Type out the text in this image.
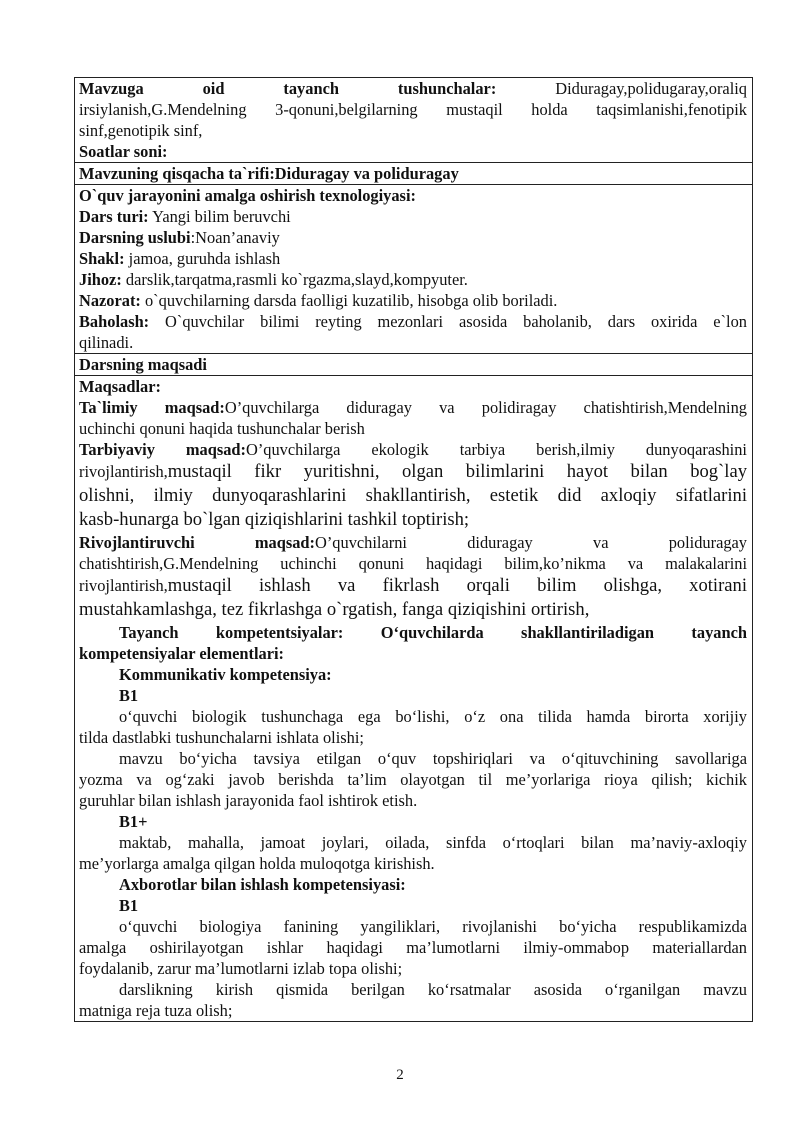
Mavzuga oid tayanch tushunchalar: Diduragay,polidugaray,oraliq

irsiylanish,G.Mendelning 3-qonuni,belgilarning mustaqil holda taqsimlanishi,fenotipik

sinf,genotipik sinf,

Soatlar soni:

Mavzuning qisqacha ta`rifi:Diduragay va poliduragay

O`quv jarayonini amalga oshirish texnologiyasi:

Dars turi: Yangi bilim beruvchi

Darsning uslubi:Noan’anaviy

Shakl: jamoa, guruhda ishlash

Jihoz: darslik,tarqatma,rasmli ko`rgazma,slayd,kompyuter.

Nazorat: o`quvchilarning darsda faolligi kuzatilib, hisobga olib boriladi.

Baholash: O`quvchilar bilimi reyting mezonlari asosida baholanib, dars oxirida e`lon

qilinadi.

Darsning maqsadi

Maqsadlar:

Ta`limiy maqsad:O’quvchilarga diduragay va polidiragay chatishtirish,Mendelning

uchinchi qonuni haqida tushunchalar berish

Tarbiyaviy maqsad:O’quvchilarga ekologik tarbiya berish,ilmiy dunyoqarashini

rivojlantirish,mustaqil fikr yuritishni, olgan bilimlarini hayot bilan bog`lay

olishni, ilmiy dunyoqarashlarini shakllantirish, estetik did axloqiy sifatlarini

kasb-hunarga bo`lgan qiziqishlarini tashkil toptirish;

Rivojlantiruvchi maqsad:O’quvchilarni diduragay va poliduragay

chatishtirish,G.Mendelning uchinchi qonuni haqidagi bilim,ko’nikma va malakalarini

rivojlantirish,mustaqil ishlash va fikrlash orqali bilim olishga, xotirani

mustahkamlashga, tez fikrlashga o`rgatish, fanga qiziqishini ortirish,

Tayanch kompetentsiyalar: O‘quvchilarda shakllantiriladigan tayanch

kompetensiyalar elementlari:

Kommunikativ kompetensiya:

B1

o‘quvchi biologik tushunchaga ega bo‘lishi, o‘z ona tilida hamda birorta xorijiy

tilda dastlabki tushunchalarni ishlata olishi;

mavzu bo‘yicha tavsiya etilgan o‘quv topshiriqlari va o‘qituvchining savollariga

yozma va og‘zaki javob berishda ta’lim olayotgan til me’yorlariga rioya qilish; kichik

guruhlar bilan ishlash jarayonida faol ishtirok etish.

B1+

maktab, mahalla, jamoat joylari, oilada, sinfda o‘rtoqlari bilan ma’naviy-axloqiy

me’yorlarga amalga qilgan holda muloqotga kirishish.

Axborotlar bilan ishlash kompetensiyasi:

B1

o‘quvchi biologiya fanining yangiliklari, rivojlanishi bo‘yicha respublikamizda

amalga oshirilayotgan ishlar haqidagi ma’lumotlarni ilmiy-ommabop materiallardan

foydalanib, zarur ma’lumotlarni izlab topa olishi;

darslikning kirish qismida berilgan ko‘rsatmalar asosida o‘rganilgan mavzu

matniga reja tuza olish;

2
